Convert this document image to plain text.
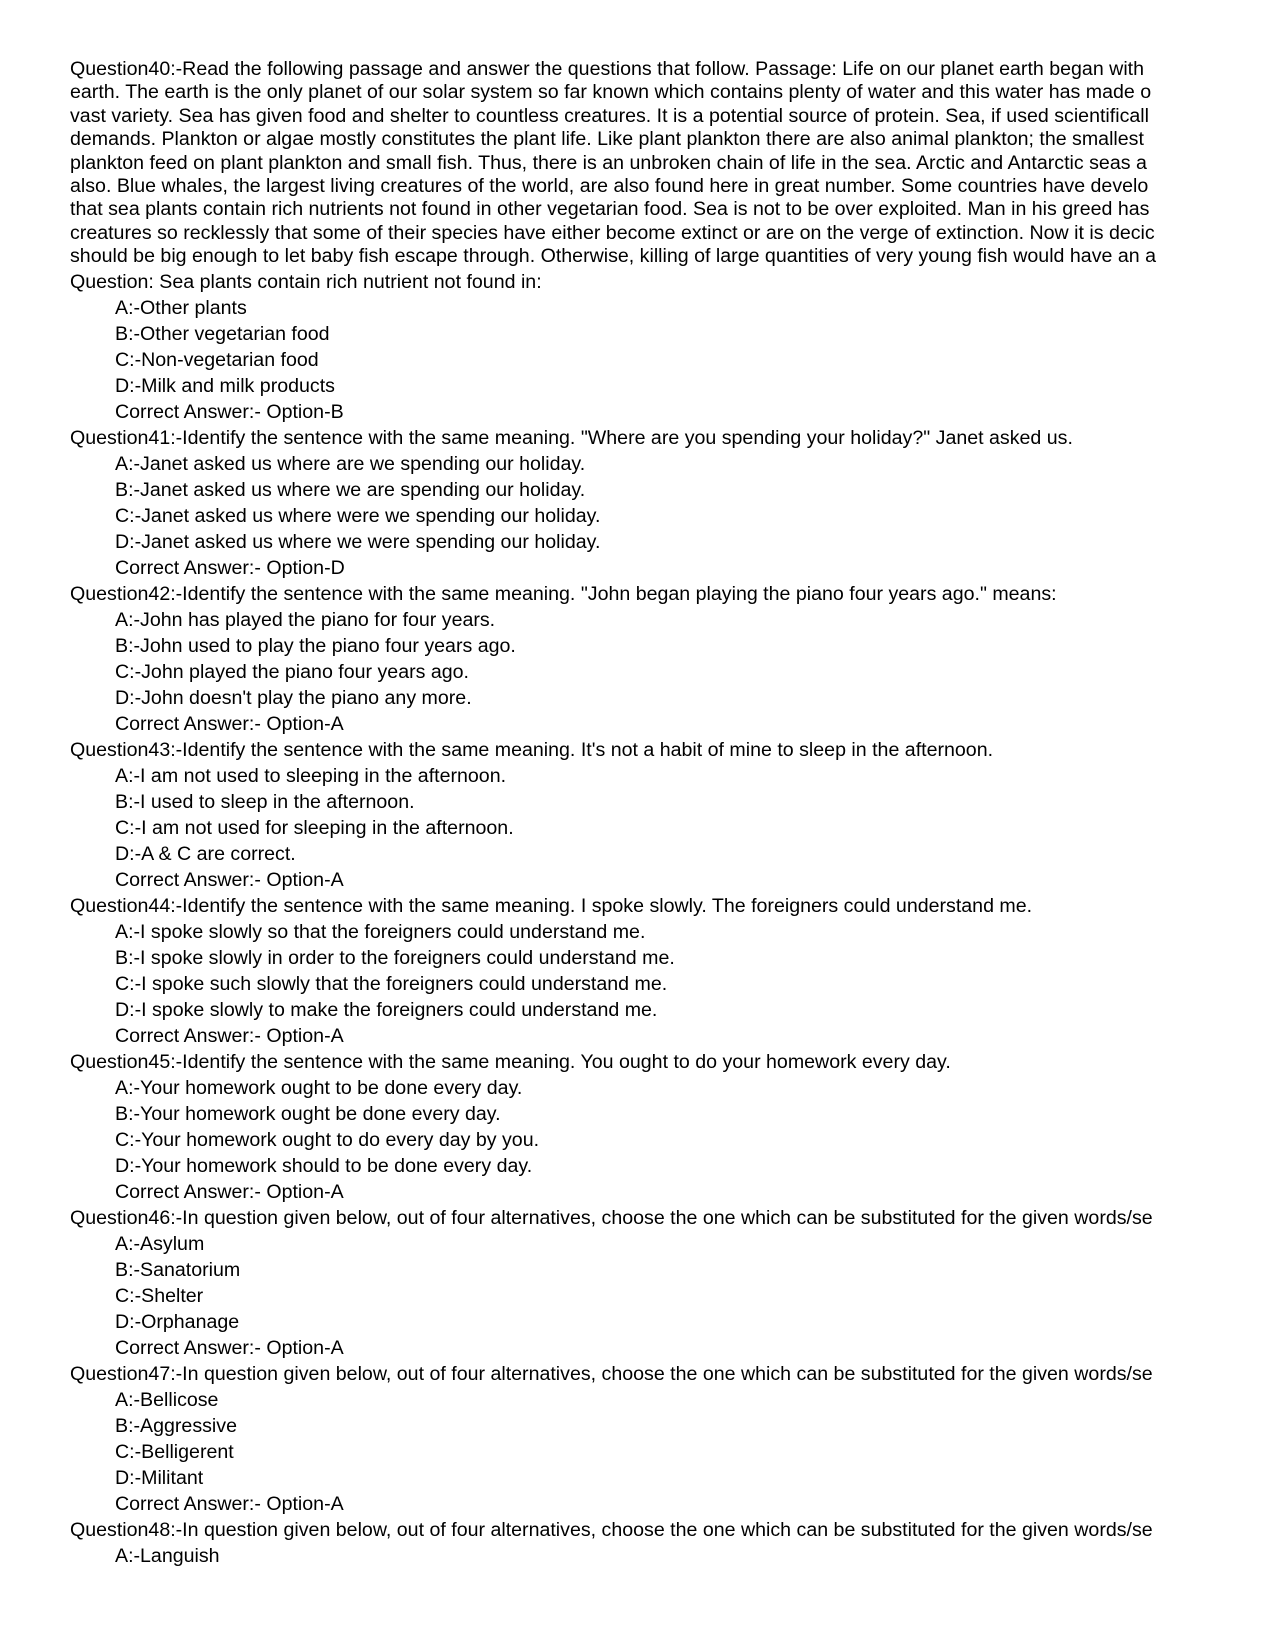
Question40:-Read the following passage and answer the questions that follow. Passage: Life on our planet earth began with
earth. The earth is the only planet of our solar system so far known which contains plenty of water and this water has made o
vast variety. Sea has given food and shelter to countless creatures. It is a potential source of protein. Sea, if used scientificall
demands. Plankton or algae mostly constitutes the plant life. Like plant plankton there are also animal plankton; the smallest
plankton feed on plant plankton and small fish. Thus, there is an unbroken chain of life in the sea. Arctic and Antarctic seas a
also. Blue whales, the largest living creatures of the world, are also found here in great number. Some countries have develo
that sea plants contain rich nutrients not found in other vegetarian food. Sea is not to be over exploited. Man in his greed has
creatures so recklessly that some of their species have either become extinct or are on the verge of extinction. Now it is decic
should be big enough to let baby fish escape through. Otherwise, killing of large quantities of very young fish would have an a
Question: Sea plants contain rich nutrient not found in:
A:-Other plants
B:-Other vegetarian food
C:-Non-vegetarian food
D:-Milk and milk products
Correct Answer:- Option-B
Question41:-Identify the sentence with the same meaning. "Where are you spending your holiday?" Janet asked us.
A:-Janet asked us where are we spending our holiday.
B:-Janet asked us where we are spending our holiday.
C:-Janet asked us where were we spending our holiday.
D:-Janet asked us where we were spending our holiday.
Correct Answer:- Option-D
Question42:-Identify the sentence with the same meaning. "John began playing the piano four years ago." means:
A:-John has played the piano for four years.
B:-John used to play the piano four years ago.
C:-John played the piano four years ago.
D:-John doesn't play the piano any more.
Correct Answer:- Option-A
Question43:-Identify the sentence with the same meaning. It's not a habit of mine to sleep in the afternoon.
A:-I am not used to sleeping in the afternoon.
B:-I used to sleep in the afternoon.
C:-I am not used for sleeping in the afternoon.
D:-A & C are correct.
Correct Answer:- Option-A
Question44:-Identify the sentence with the same meaning. I spoke slowly. The foreigners could understand me.
A:-I spoke slowly so that the foreigners could understand me.
B:-I spoke slowly in order to the foreigners could understand me.
C:-I spoke such slowly that the foreigners could understand me.
D:-I spoke slowly to make the foreigners could understand me.
Correct Answer:- Option-A
Question45:-Identify the sentence with the same meaning. You ought to do your homework every day.
A:-Your homework ought to be done every day.
B:-Your homework ought be done every day.
C:-Your homework ought to do every day by you.
D:-Your homework should to be done every day.
Correct Answer:- Option-A
Question46:-In question given below, out of four alternatives, choose the one which can be substituted for the given words/se
A:-Asylum
B:-Sanatorium
C:-Shelter
D:-Orphanage
Correct Answer:- Option-A
Question47:-In question given below, out of four alternatives, choose the one which can be substituted for the given words/se
A:-Bellicose
B:-Aggressive
C:-Belligerent
D:-Militant
Correct Answer:- Option-A
Question48:-In question given below, out of four alternatives, choose the one which can be substituted for the given words/se
A:-Languish
